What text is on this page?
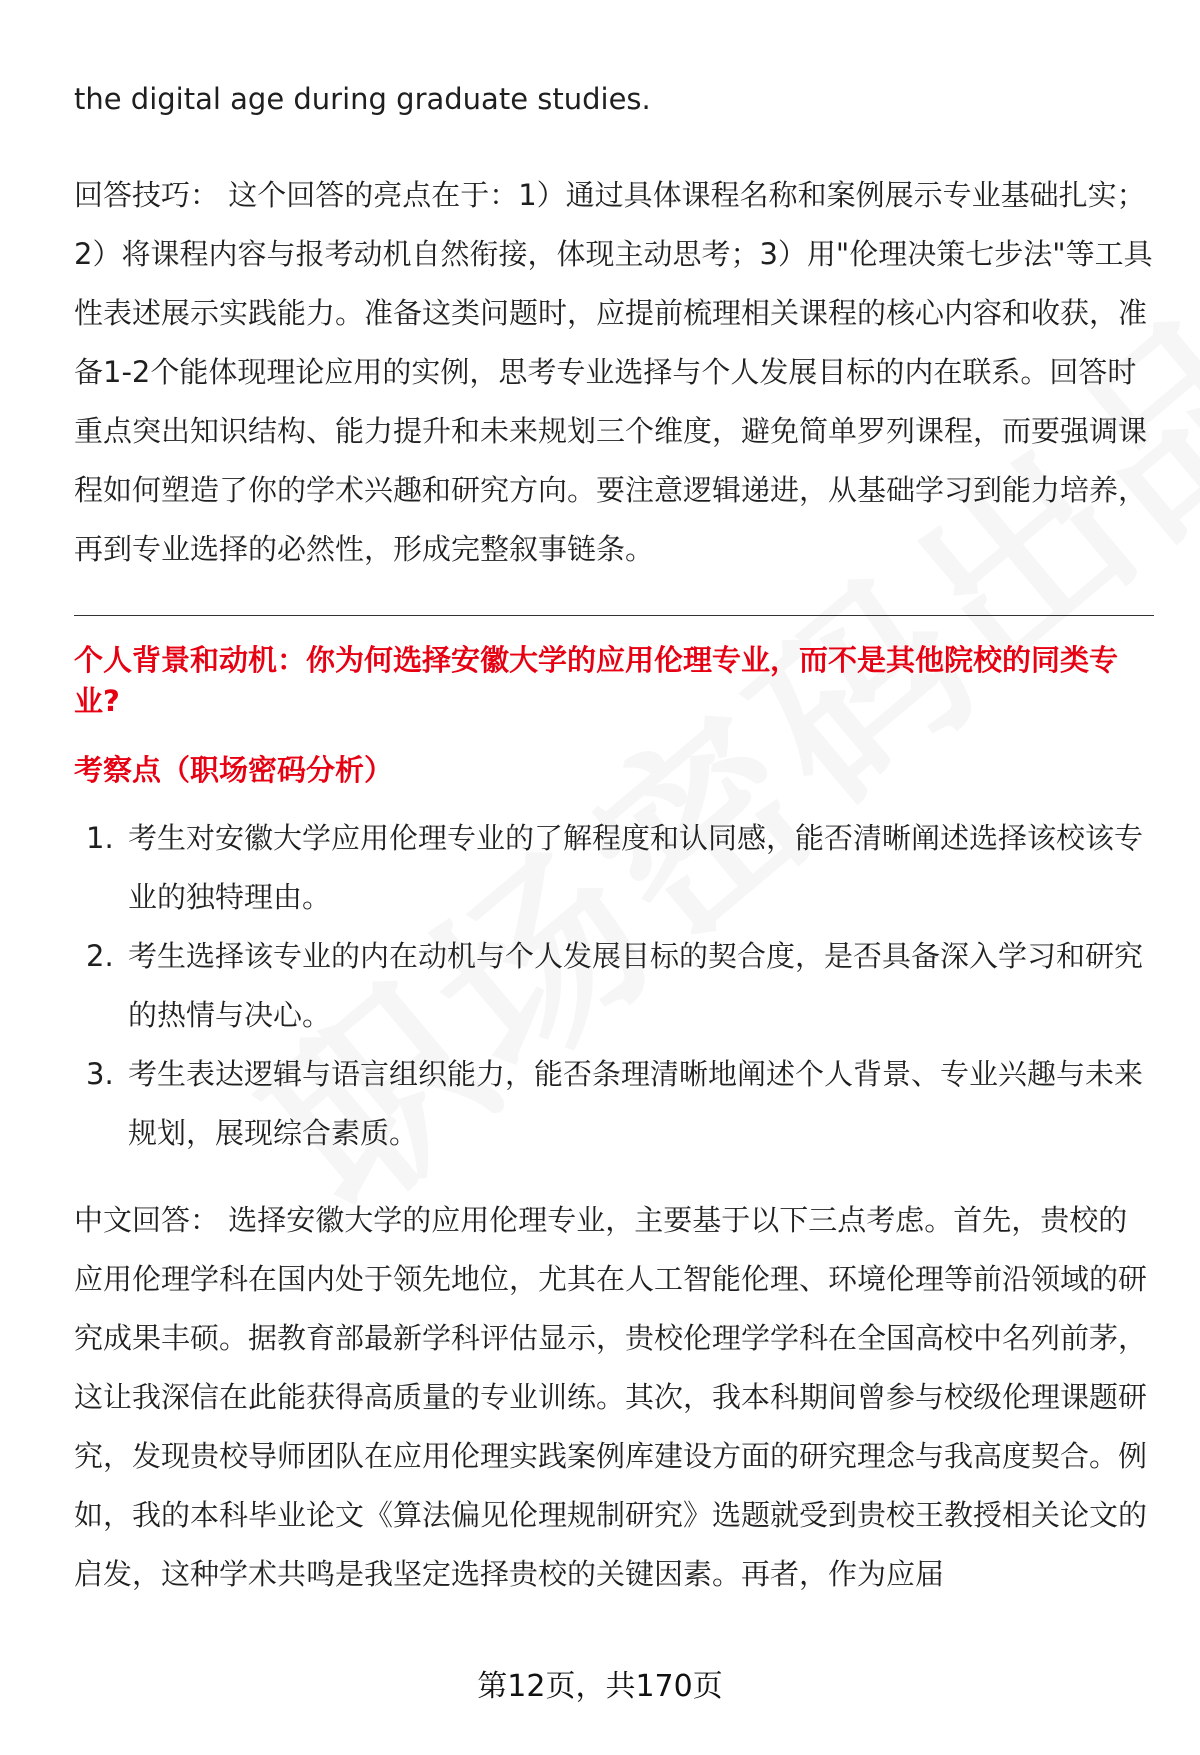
the digital age during graduate studies.

回答技巧： 这个回答的亮点在于：1）通过具体课程名称和案例展示专业基础扎实；2）将课程内容与报考动机自然衔接，体现主动思考；3）用"伦理决策七步法"等工具性表述展示实践能力。准备这类问题时，应提前梳理相关课程的核心内容和收获，准备1-2个能体现理论应用的实例，思考专业选择与个人发展目标的内在联系。回答时重点突出知识结构、能力提升和未来规划三个维度，避免简单罗列课程，而要强调课程如何塑造了你的学术兴趣和研究方向。要注意逻辑递进，从基础学习到能力培养，再到专业选择的必然性，形成完整叙事链条。

个人背景和动机：你为何选择安徽大学的应用伦理专业，而不是其他院校的同类专业?

考察点（职场密码分析）

1. 考生对安徽大学应用伦理专业的了解程度和认同感，能否清晰阐述选择该校该专业的独特理由。
2. 考生选择该专业的内在动机与个人发展目标的契合度，是否具备深入学习和研究的热情与决心。
3. 考生表达逻辑与语言组织能力，能否条理清晰地阐述个人背景、专业兴趣与未来规划，展现综合素质。

中文回答： 选择安徽大学的应用伦理专业，主要基于以下三点考虑。首先，贵校的应用伦理学科在国内处于领先地位，尤其在人工智能伦理、环境伦理等前沿领域的研究成果丰硕。据教育部最新学科评估显示，贵校伦理学学科在全国高校中名列前茅，这让我深信在此能获得高质量的专业训练。其次，我本科期间曾参与校级伦理课题研究，发现贵校导师团队在应用伦理实践案例库建设方面的研究理念与我高度契合。例如，我的本科毕业论文《算法偏见伦理规制研究》选题就受到贵校王教授相关论文的启发，这种学术共鸣是我坚定选择贵校的关键因素。再者，作为应届

第12页，共170页
